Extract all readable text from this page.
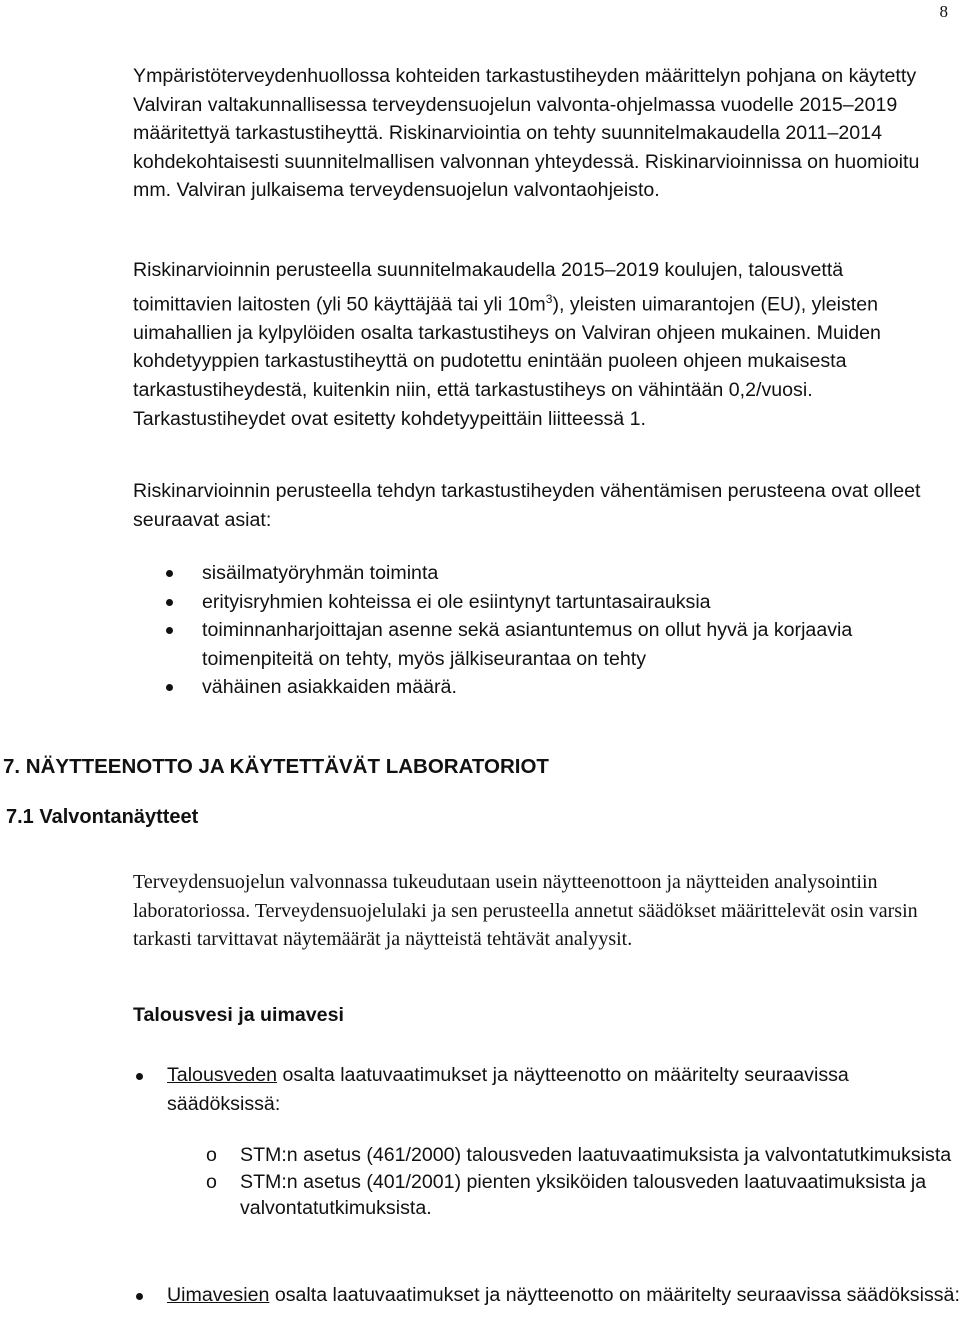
8

Ympäristöterveydenhuollossa kohteiden tarkastustiheyden määrittelyn pohjana on käytetty Valviran valtakunnallisessa terveydensuojelun valvonta-ohjelmassa vuodelle 2015–2019 määritettyä tarkastustiheyttä. Riskinarviointia on tehty suunnitelmakaudella 2011–2014 kohdekohtaisesti suunnitelmallisen valvonnan yhteydessä. Riskinarvioinnissa on huomioitu mm. Valviran julkaisema terveydensuojelun valvontaohjeisto.

Riskinarvioinnin perusteella suunnitelmakaudella 2015–2019 koulujen, talousvettä toimittavien laitosten (yli 50 käyttäjää tai yli $10m^3$), yleisten uimarantojen (EU), yleisten uimahallien ja kylpylöiden osalta tarkastustiheys on Valviran ohjeen mukainen. Muiden kohdetyyppien tarkastustiheyttä on pudotettu enintään puoleen ohjeen mukaisesta tarkastustiheydestä, kuitenkin niin, että tarkastustiheys on vähintään 0,2/vuosi. Tarkastustiheydet ovat esitetty kohdetyypeittäin liitteessä 1.

Riskinarvioinnin perusteella tehdyn tarkastustiheyden vähentämisen perusteena ovat olleet seuraavat asiat:

sisäilmatyöryhmän toiminta
erityisryhmien kohteissa ei ole esiintynyt tartuntasairauksia
toiminnanharjoittajan asenne sekä asiantuntemus on ollut hyvä ja korjaavia toimenpiteitä on tehty, myös jälkiseurantaa on tehty
vähäinen asiakkaiden määrä.
7. NÄYTTEENOTTO JA KÄYTETTÄVÄT LABORATORIOT
7.1 Valvontanäytteet

Terveydensuojelun valvonnassa tukeudutaan usein näytteenottoon ja näytteiden analysointiin laboratoriossa. Terveydensuojelulaki ja sen perusteella annetut säädökset määrittelevät osin varsin tarkasti tarvittavat näytemäärät ja näytteistä tehtävät analyysit.

Talousvesi ja uimavesi
Talousveden osalta laatuvaatimukset ja näytteenotto on määritelty seuraavissa säädöksissä:
o STM:n asetus (461/2000) talousveden laatuvaatimuksista ja valvontatutkimuksista
o STM:n asetus (401/2001) pienten yksiköiden talousveden laatuvaatimuksista ja valvontatutkimuksista.
Uimavesien osalta laatuvaatimukset ja näytteenotto on määritelty seuraavissa säädöksissä:
